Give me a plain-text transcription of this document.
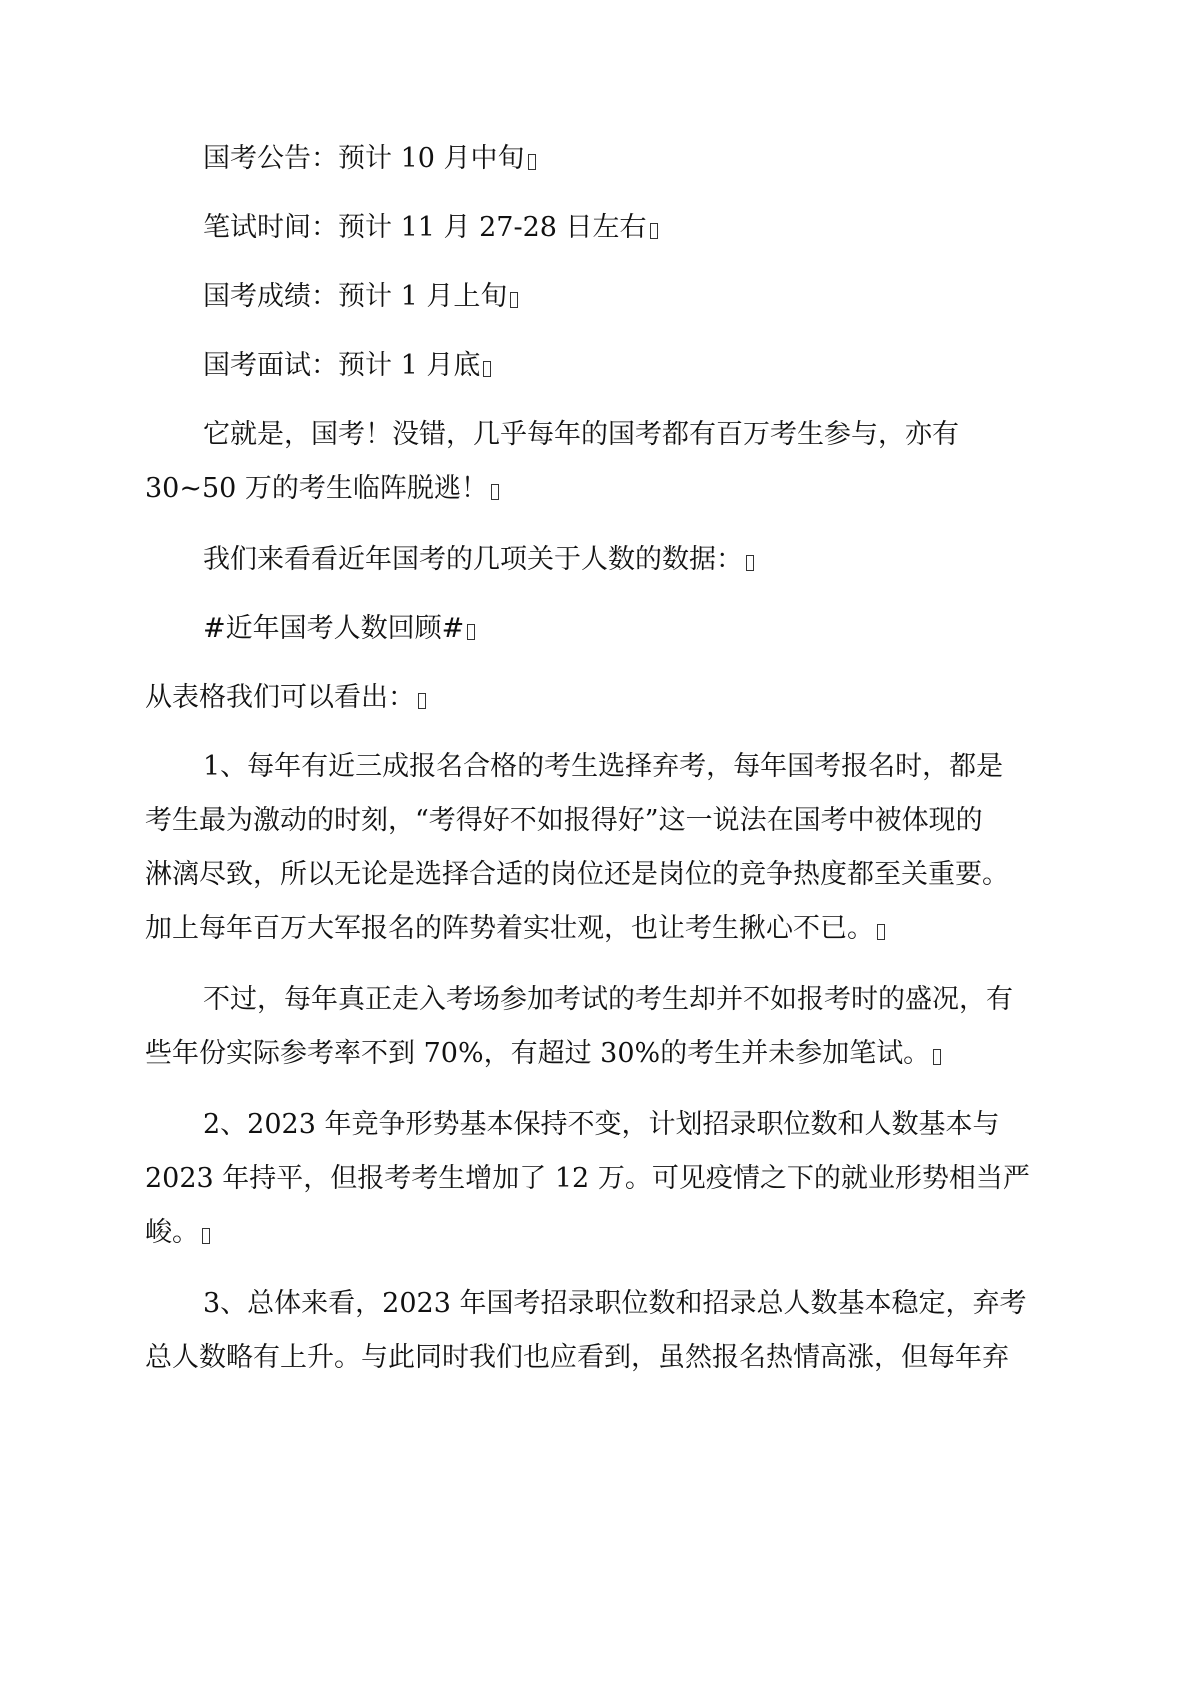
国考公告：预计 10 月中旬
笔试时间：预计 11 月 27-28 日左右
国考成绩：预计 1 月上旬
国考面试：预计 1 月底
它就是，国考！没错，几乎每年的国考都有百万考生参与，亦有
30~50 万的考生临阵脱逃！
我们来看看近年国考的几项关于人数的数据：
#近年国考人数回顾#
从表格我们可以看出：
1、每年有近三成报名合格的考生选择弃考，每年国考报名时，都是
考生最为激动的时刻，“考得好不如报得好”这一说法在国考中被体现的
淋漓尽致，所以无论是选择合适的岗位还是岗位的竞争热度都至关重要。
加上每年百万大军报名的阵势着实壮观，也让考生揪心不已。
不过，每年真正走入考场参加考试的考生却并不如报考时的盛况，有
些年份实际参考率不到 70%，有超过 30%的考生并未参加笔试。
2、2023 年竞争形势基本保持不变，计划招录职位数和人数基本与
2023 年持平，但报考考生增加了 12 万。可见疫情之下的就业形势相当严
峻。
3、总体来看，2023 年国考招录职位数和招录总人数基本稳定，弃考
总人数略有上升。与此同时我们也应看到，虽然报名热情高涨，但每年弃
